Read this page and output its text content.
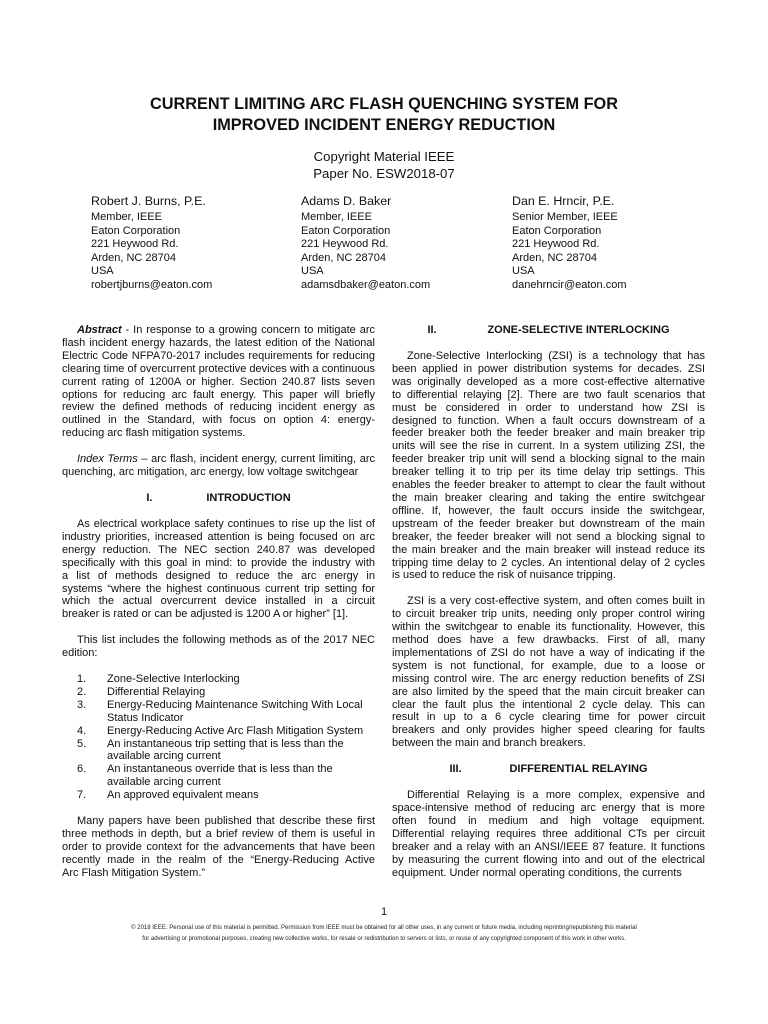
CURRENT LIMITING ARC FLASH QUENCHING SYSTEM FOR
IMPROVED INCIDENT ENERGY REDUCTION
Copyright Material IEEE
Paper No. ESW2018-07
Robert J. Burns, P.E.
Member, IEEE
Eaton Corporation
221 Heywood Rd.
Arden, NC 28704
USA
robertjburns@eaton.com
Adams D. Baker
Member, IEEE
Eaton Corporation
221 Heywood Rd.
Arden, NC 28704
USA
adamsdbaker@eaton.com
Dan E. Hrncir, P.E.
Senior Member, IEEE
Eaton Corporation
221 Heywood Rd.
Arden, NC 28704
USA
danehrncir@eaton.com

Abstract - In response to a growing concern to mitigate arc flash incident energy hazards, the latest edition of the National Electric Code NFPA70-2017 includes requirements for reducing clearing time of overcurrent protective devices with a continuous current rating of 1200A or higher. Section 240.87 lists seven options for reducing arc fault energy. This paper will briefly review the defined methods of reducing incident energy as outlined in the Standard, with focus on option 4: energy-reducing arc flash mitigation systems.

Index Terms – arc flash, incident energy, current limiting, arc quenching, arc mitigation, arc energy, low voltage switchgear

I.	INTRODUCTION

As electrical workplace safety continues to rise up the list of
industry priorities, increased attention is being focused on arc
energy reduction. The NEC section 240.87 was developed
specifically with this goal in mind: to provide the industry with
a list of methods designed to reduce the arc energy in
systems “where the highest continuous current trip setting for
which the actual overcurrent device installed in a circuit
breaker is rated or can be adjusted is 1200 A or higher” [1].

This list includes the following methods as of the 2017 NEC edition:

1. Zone-Selective Interlocking
2. Differential Relaying
3. Energy-Reducing Maintenance Switching With Local Status Indicator
4. Energy-Reducing Active Arc Flash Mitigation System
5. An instantaneous trip setting that is less than the available arcing current
6. An instantaneous override that is less than the available arcing current
7. An approved equivalent means
Many papers have been published that describe these first
three methods in depth, but a brief review of them is useful in
order to provide context for the advancements that have been
recently made in the realm of the “Energy-Reducing Active
Arc Flash Mitigation System.”

II.	ZONE-SELECTIVE INTERLOCKING

Zone-Selective Interlocking (ZSI) is a technology that has
been applied in power distribution systems for decades. ZSI
was originally developed as a more cost-effective alternative
to differential relaying [2]. There are two fault scenarios that
must be considered in order to understand how ZSI is
designed to function. When a fault occurs downstream of a
feeder breaker both the feeder breaker and main breaker trip
units will see the rise in current. In a system utilizing ZSI, the
feeder breaker trip unit will send a blocking signal to the main
breaker telling it to trip per its time delay trip settings. This
enables the feeder breaker to attempt to clear the fault without
the main breaker clearing and taking the entire switchgear
offline. If, however, the fault occurs inside the switchgear,
upstream of the feeder breaker but downstream of the main
breaker, the feeder breaker will not send a blocking signal to
the main breaker and the main breaker will instead reduce its
tripping time delay to 2 cycles. An intentional delay of 2 cycles
is used to reduce the risk of nuisance tripping.
ZSI is a very cost-effective system, and often comes built in
to circuit breaker trip units, needing only proper control wiring
within the switchgear to enable its functionality. However, this
method does have a few drawbacks. First of all, many
implementations of ZSI do not have a way of indicating if the
system is not functional, for example, due to a loose or
missing control wire. The arc energy reduction benefits of ZSI
are also limited by the speed that the main circuit breaker can
clear the fault plus the intentional 2 cycle delay. This can
result in up to a 6 cycle clearing time for power circuit
breakers and only provides higher speed clearing for faults
between the main and branch breakers.

III.	DIFFERENTIAL RELAYING

Differential Relaying is a more complex, expensive and
space-intensive method of reducing arc energy that is more
often found in medium and high voltage equipment.
Differential relaying requires three additional CTs per circuit
breaker and a relay with an ANSI/IEEE 87 feature. It functions
by measuring the current flowing into and out of the electrical
equipment. Under normal operating conditions, the currents
1
© 2018 IEEE. Personal use of this material is permitted. Permission from IEEE must be obtained for all other uses, in any current or future media, including reprinting/republishing this material
for advertising or promotional purposes, creating new collective works, for resale or redistribution to servers or lists, or reuse of any copyrighted component of this work in other works.
